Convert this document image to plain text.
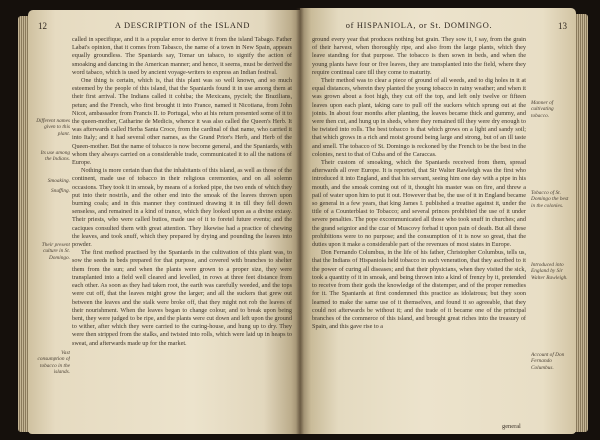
12	A DESCRIPTION of the ISLAND	of HISPANIOLA, or St. DOMINGO.	13

called in specifique, and it is a popular error to derive it from the island Tabago. Father Labat's opinion, that it comes from Tabasco, the name of a town in New Spain, appears equally groundless. The Spaniards say, Tomar un tabaco, to signify the action of smoaking and dancing in the American manner; and hence, it seems, must be derived the word tabaco, which is used by ancient voyage-writers to express an Indian festival.

One thing is certain, which is, that this plant was so well known, and so much esteemed by the people of this island, that the Spaniards found it in use among them at their first arrival. The Indians called it cohiba; the Mexicans, pycielt; the Brazilians, petun; and the French, who first brought it into France, named it Nicotiana, from John Nicot, ambassador from Francis II. to Portugal, who at his return presented some of it to the queen-mother, Catharine de Medicis, whence it was also called the Queen's Herb. It was afterwards called Herba Santa Croce, from the cardinal of that name, who carried it into Italy; and it had several other names, as the Grand Prior's Herb, and Herb of the Queen-mother. But the name of tobacco is now become general, and the Spaniards, with whom they always carried on a considerable trade, communicated it to all the nations of Europe.

Nothing is more certain than that the inhabitants of this island, as well as those of the continent, made use of tobacco in their religious ceremonies, and on all solemn occasions. They took it in smoak, by means of a forked pipe, the two ends of which they put into their nostrils, and the other end into the smoak of the leaves thrown upon burning coals; and in this manner they continued drawing it in till they fell down senseless, and remained in a kind of trance, which they looked upon as a divine extasy. Their priests, who were called butios, made use of it to foretel future events; and the caciques consulted them with great attention. They likewise had a practice of chewing the leaves, and took snuff, which they prepared by drying and pounding the leaves into powder.

The first method practised by the Spaniards in the cultivation of this plant was, to sow the seeds in beds prepared for that purpose, and covered with branches to shelter them from the sun; and when the plants were grown to a proper size, they were transplanted into a field well cleared and levelled, in rows at three feet distance from each other. As soon as they had taken root, the earth was carefully weeded, and the tops were cut off, that the leaves might grow the larger; and all the suckers that grew out between the leaves and the stalk were broke off, that they might not rob the leaves of their nourishment. When the leaves began to change colour, and to break upon being bent, they were judged to be ripe, and the plants were cut down and left upon the ground to wither, after which they were carried to the curing-house, and hung up to dry. They were then stripped from the stalks, and twisted into rolls, which were laid up in heaps to sweat, and afterwards made up for the market.

Different names given to this plant.
Its use among the Indians.
Smoaking.
Snuffing.
Their present culture in St. Domingo.
Vast consumption of tobacco in the islands.

ground every year that produces nothing but grain. They sow it, I say, from the grain of their harvest, when thoroughly ripe, and also from the large plants, which they leave standing for that purpose. The tobacco is then sown in beds, and when the young plants have four or five leaves, they are transplanted into the field, where they require continual care till they come to maturity.

Their method was to clear a piece of ground of all weeds, and to dig holes in it at equal distances, wherein they planted the young tobacco in rainy weather; and when it was grown about a foot high, they cut off the top, and left only twelve or fifteen leaves upon each plant, taking care to pull off the suckers which sprung out at the joints. In about four months after planting, the leaves became thick and gummy, and were then cut, and hung up in sheds, where they remained till they were dry enough to be twisted into rolls. The best tobacco is that which grows on a light and sandy soil; that which grows in a rich and moist ground being large and strong, but of an ill taste and smell. The tobacco of St. Domingo is reckoned by the French to be the best in the colonies, next to that of Cuba and of the Caraccas.

Their custom of smoaking, which the Spaniards received from them, spread afterwards all over Europe. It is reported, that Sir Walter Rawleigh was the first who introduced it into England, and that his servant, seeing him one day with a pipe in his mouth, and the smoak coming out of it, thought his master was on fire, and threw a pail of water upon him to put it out. However that be, the use of it in England became so general in a few years, that king James I. published a treatise against it, under the title of a Counterblast to Tobacco; and several princes prohibited the use of it under severe penalties. The pope excommunicated all those who took snuff in churches; and the grand seignior and the czar of Muscovy forbad it upon pain of death. But all these prohibitions were to no purpose; and the consumption of it is now so great, that the duties upon it make a considerable part of the revenues of most states in Europe.

Don Fernando Columbus, in the life of his father, Christopher Columbus, tells us, that the Indians of Hispaniola held tobacco in such veneration, that they ascribed to it the power of curing all diseases; and that their physicians, when they visited the sick, took a quantity of it in smoak, and being thrown into a kind of frenzy by it, pretended to receive from their gods the knowledge of the distemper, and of the proper remedies for it. The Spaniards at first condemned this practice as idolatrous; but they soon learned to make the same use of it themselves, and found it so agreeable, that they could not afterwards be without it; and the trade of it became one of the principal branches of the commerce of this island, and brought great riches into the treasury of Spain, and this gave rise to a

Manner of cultivating tobacco.
Tobacco of St. Domingo the best in the colonies.
Introduced into England by Sir Walter Rawleigh.
Account of Don Fernando Columbus.
general
